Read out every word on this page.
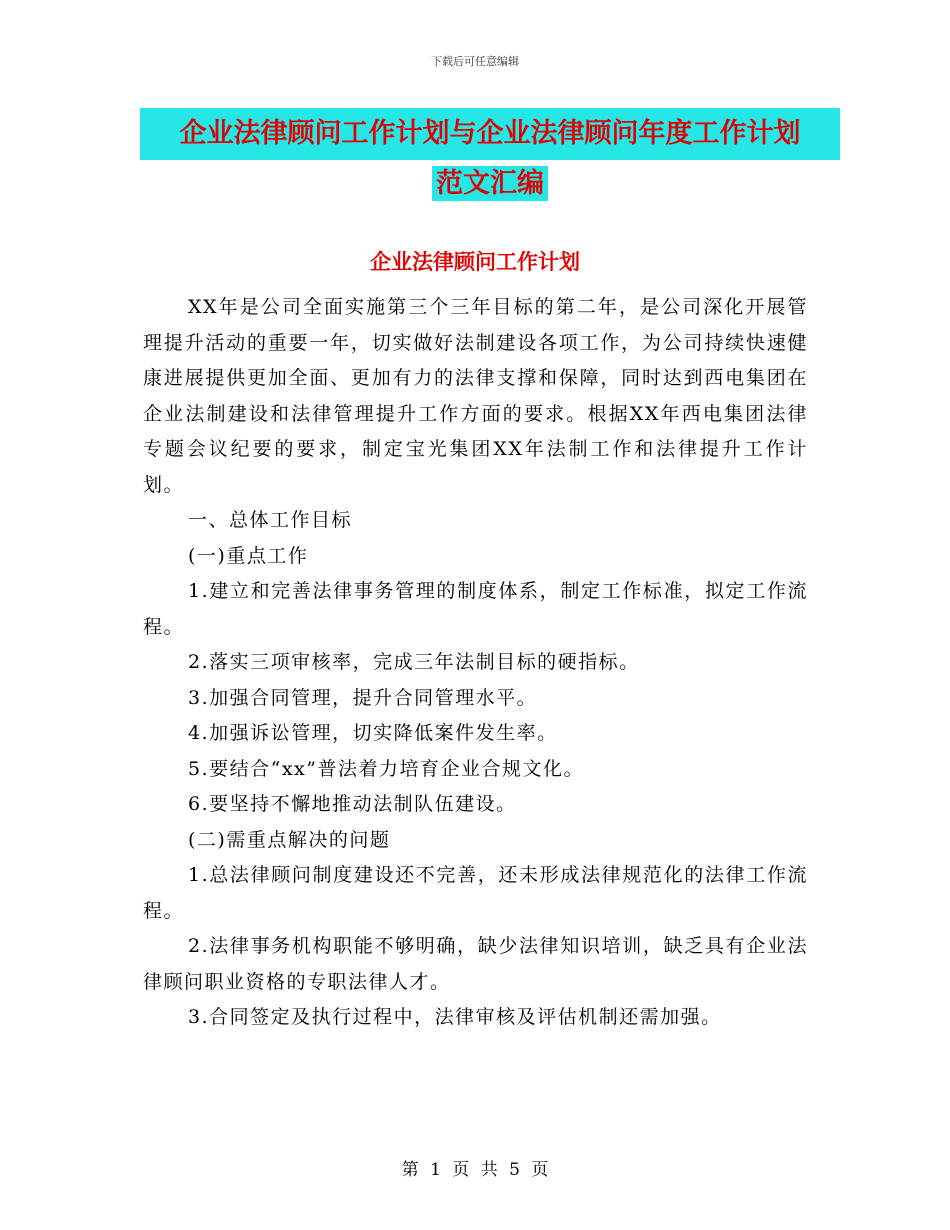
下载后可任意编辑
企业法律顾问工作计划与企业法律顾问年度工作计划
范文汇编
企业法律顾问工作计划

XX年是公司全面实施第三个三年目标的第二年，是公司深化开展管理提升活动的重要一年，切实做好法制建设各项工作，为公司持续快速健康进展提供更加全面、更加有力的法律支撑和保障，同时达到西电集团在企业法制建设和法律管理提升工作方面的要求。根据XX年西电集团法律专题会议纪要的要求，制定宝光集团XX年法制工作和法律提升工作计划。

一、总体工作目标

(一)重点工作

1.建立和完善法律事务管理的制度体系，制定工作标准，拟定工作流程。

2.落实三项审核率，完成三年法制目标的硬指标。

3.加强合同管理，提升合同管理水平。

4.加强诉讼管理，切实降低案件发生率。

5.要结合“xx”普法着力培育企业合规文化。

6.要坚持不懈地推动法制队伍建设。

(二)需重点解决的问题

1.总法律顾问制度建设还不完善，还未形成法律规范化的法律工作流程。

2.法律事务机构职能不够明确，缺少法律知识培训，缺乏具有企业法律顾问职业资格的专职法律人才。

3.合同签定及执行过程中，法律审核及评估机制还需加强。

第 1 页 共 5 页
